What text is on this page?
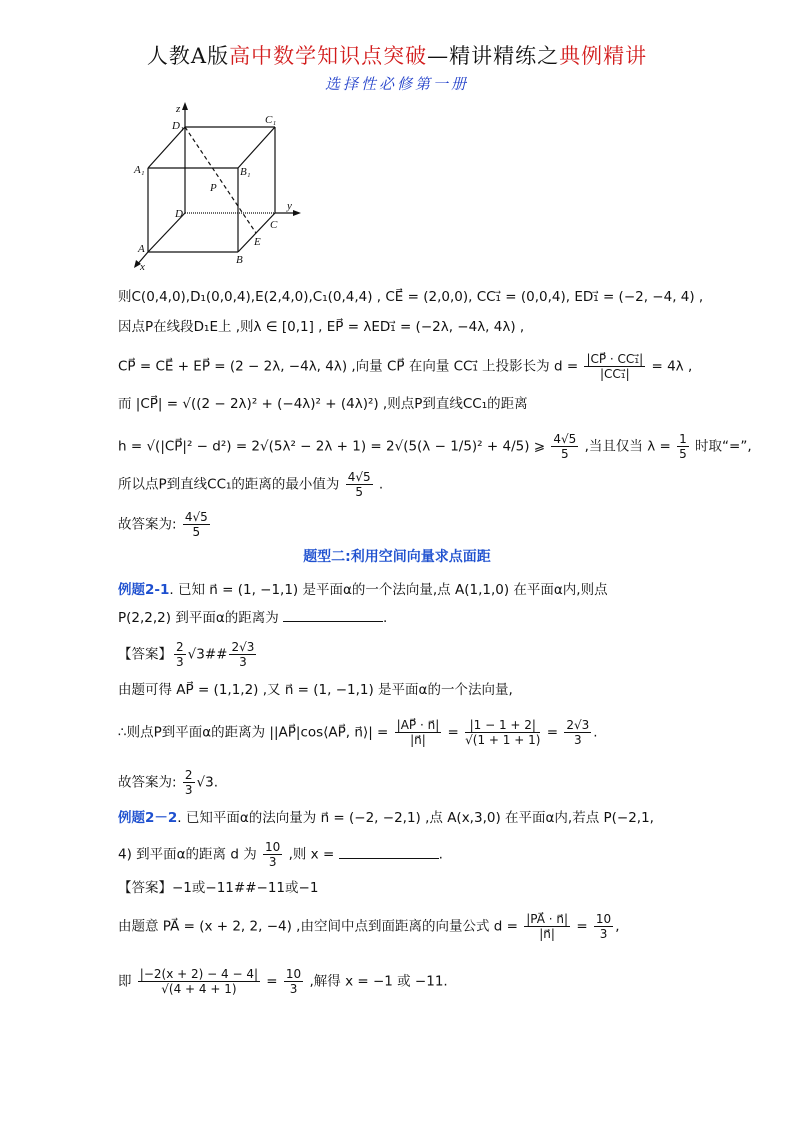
人教A版高中数学知识点突破—精讲精练之典例精讲
选择性必修第一册
z
D₁	C₁
A₁	B₁
P
D
y
C
E
A
B
x
则C(0,4,0),D₁(0,0,4),E(2,4,0),C₁(0,4,4) , CE⃗ = (2,0,0), CC₁⃗ = (0,0,4), ED₁⃗ = (−2, −4, 4) ,
因点P在线段D₁E上 ,则λ ∈ [0,1] , EP⃗ = λED₁⃗ = (−2λ, −4λ, 4λ) ,
CP⃗ = CE⃗ + EP⃗ = (2 − 2λ, −4λ, 4λ) ,向量 CP⃗ 在向量 CC₁⃗ 上投影长为 $d = \frac{\text{|CP⃗ · CC₁⃗|}}{\text{|CC₁⃗|}} = 4\lambda$ ,
而 |CP⃗| = √((2 − 2λ)² + (−4λ)² + (4λ)²) ,则点P到直线CC₁的距离
h = √(|CP⃗|² − d²) = 2√(5λ² − 2λ + 1) = 2√(5(λ − 1/5)² + 4/5) ⩾ $\frac{4√5}{5}$ ,当且仅当 $\lambda = \frac{1}{5}$ 时取“=”,
所以点P到直线CC₁的距离的最小值为 $\frac{4√5}{5}$ .
故答案为: $\frac{4√5}{5}$
题型二:利用空间向量求点面距
例题2-1. 已知 n⃗ = (1, −1,1) 是平面α的一个法向量,点 A(1,1,0) 在平面α内,则点
P(2,2,2) 到平面α的距离为	.
【答案】 $\frac{2}{3}$ √3## $\frac{2√3}{3}$
由题可得 AP⃗ = (1,1,2) ,又 n⃗ = (1, −1,1) 是平面α的一个法向量,
∴则点P到平面α的距离为 ||AP⃗|cos⟨AP⃗, n⃗⟩| = $\frac{|AP⃗ \cdot n⃗|}{|n⃗|} = \frac{|1 - 1 + 2|}{√(1 + 1 + 1)} = \frac{2√3}{3}$ .
故答案为: $\frac{2}{3} √3$.
例题2－2. 已知平面α的法向量为 n⃗ = (−2, −2,1) ,点 A(x,3,0) 在平面α内,若点 P(−2,1,
4) 到平面α的距离 d 为 $\frac{10}{3}$ ,则 x =	.
【答案】−1或−11##−11或−1
由题意 PA⃗ = (x + 2, 2, −4) ,由空间中点到面距离的向量公式 $d = \frac{|PA⃗ \cdot n⃗|}{|n⃗|} = \frac{10}{3}$ ,
即 $\frac{|-2(x + 2) - 4 - 4|}{√(4 + 4 + 1)} = \frac{10}{3}$ ,解得 x = −1 或 −11.
